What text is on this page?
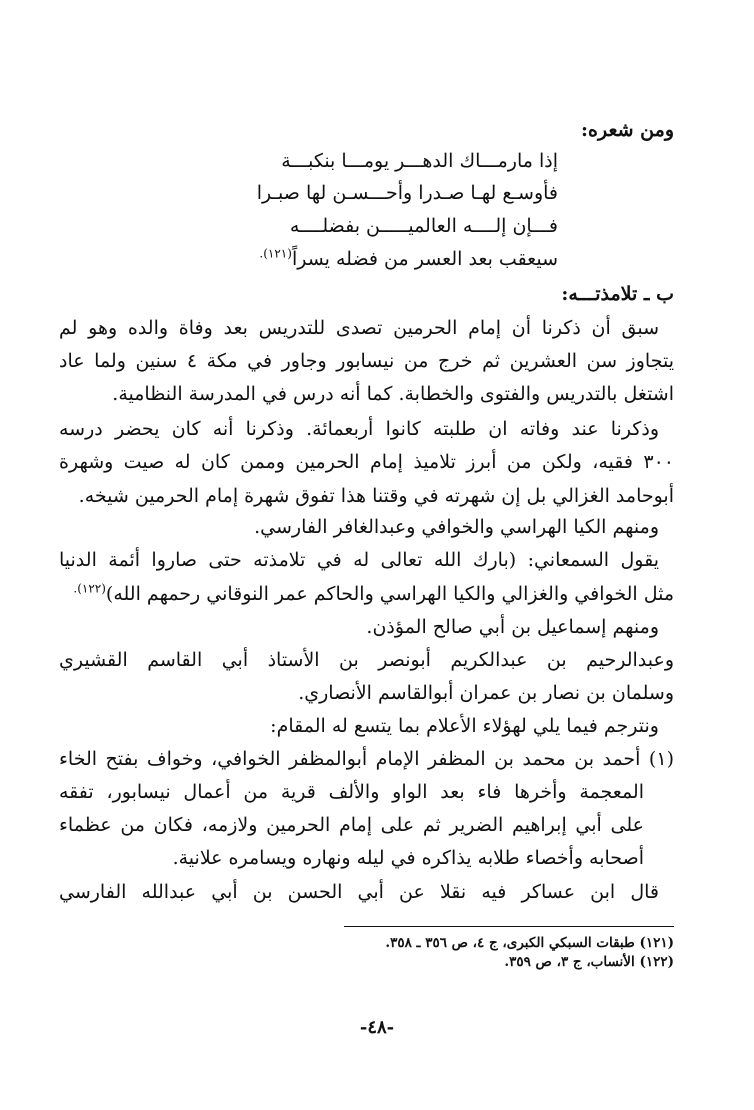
ومن شعره:
إذا مارمـــاك الدهـــر يومـــا بنكبـــة
فأوسـع لهـا صـدرا وأحـــسـن لها صبـرا
فـــإن إلــــه العالميـــــن بفضلــــه
سيعقب بعد العسر من فضله يسراً$^{(١٢١).}$
ب ـ تلامذتـــه:
سبق أن ذكرنا أن إمام الحرمين تصدى للتدريس بعد وفاة والده وهو لم
يتجاوز سن العشرين ثم خرج من نيسابور وجاور في مكة ٤ سنين ولما عاد
اشتغل بالتدريس والفتوى والخطابة. كما أنه درس في المدرسة النظامية.
وذكرنا عند وفاته ان طلبته كانوا أربعمائة. وذكرنا أنه كان يحضر درسه
٣٠٠ فقيه، ولكن من أبرز تلاميذ إمام الحرمين وممن كان له صيت وشهرة
أبوحامد الغزالي بل إن شهرته في وقتنا هذا تفوق شهرة إمام الحرمين شيخه.
ومنهم الكيا الهراسي والخوافي وعبدالغافر الفارسي.
يقول السمعاني: (بارك الله تعالى له في تلامذته حتى صاروا أئمة الدنيا
مثل الخوافي والغزالي والكيا الهراسي والحاكم عمر النوقاني رحمهم الله)$^{(١٢٢).}$
ومنهم إسماعيل بن أبي صالح المؤذن.
وعبدالرحيم بن عبدالكريم أبونصر بن الأستاذ أبي القاسم القشيري
وسلمان بن نصار بن عمران أبوالقاسم الأنصاري.
ونترجم فيما يلي لهؤلاء الأعلام بما يتسع له المقام:
(١) أحمد بن محمد بن المظفر الإمام أبوالمظفر الخوافي، وخواف بفتح الخاء
المعجمة وأخرها فاء بعد الواو والألف قرية من أعمال نيسابور، تفقه
على أبي إبراهيم الضرير ثم على إمام الحرمين ولازمه، فكان من عظماء
أصحابه وأخصاء طلابه يذاكره في ليله ونهاره ويسامره علانية.
قال ابن عساكر فيه نقلا عن أبي الحسن بن أبي عبدالله الفارسي
(١٢١) طبقات السبكي الكبرى، ج ٤، ص ٣٥٦ ـ ٣٥٨.
(١٢٢) الأنساب، ج ٣، ص ٣٥٩.
-٤٨-
